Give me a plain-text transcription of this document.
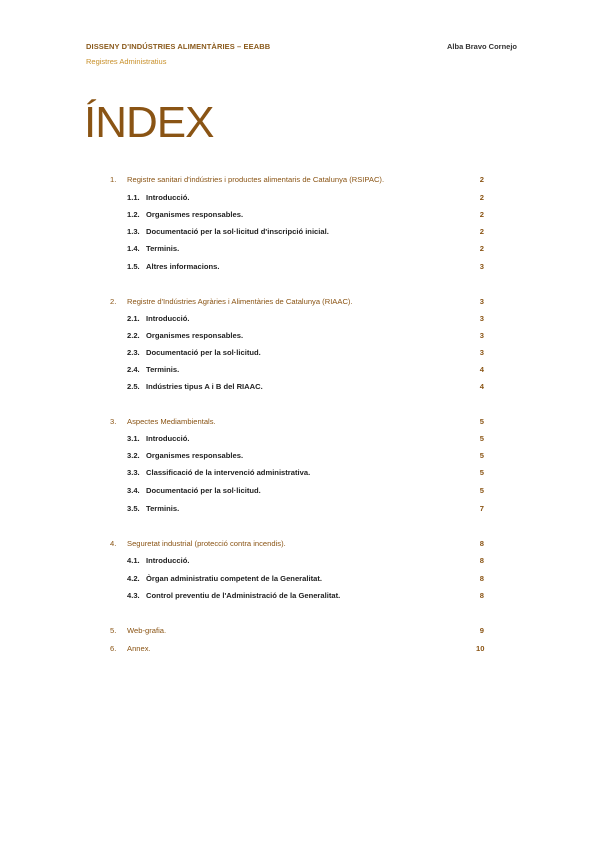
DISSENY D'INDÚSTRIES ALIMENTÀRIES – EEABB
Registres Administratius
Alba Bravo Cornejo
ÍNDEX
1. Registre sanitari d'indústries i productes alimentaris de Catalunya (RSIPAC).	2
1.1. Introducció.	2
1.2. Organismes responsables.	2
1.3. Documentació per la sol·licitud d'inscripció inicial.	2
1.4. Terminis.	2
1.5. Altres informacions.	3
2. Registre d'Indústries Agràries i Alimentàries de Catalunya (RIAAC).	3
2.1. Introducció.	3
2.2. Organismes responsables.	3
2.3. Documentació per la sol·licitud.	3
2.4. Terminis.	4
2.5. Indústries tipus A i B del RIAAC.	4
3. Aspectes Mediambientals.	5
3.1. Introducció.	5
3.2. Organismes responsables.	5
3.3. Classificació de la intervenció administrativa.	5
3.4. Documentació per la sol·licitud.	5
3.5. Terminis.	7
4. Seguretat industrial (protecció contra incendis).	8
4.1. Introducció.	8
4.2. Òrgan administratiu competent de la Generalitat.	8
4.3. Control preventiu de l'Administració de la Generalitat.	8
5. Web-grafia.	9
6. Annex.	10
